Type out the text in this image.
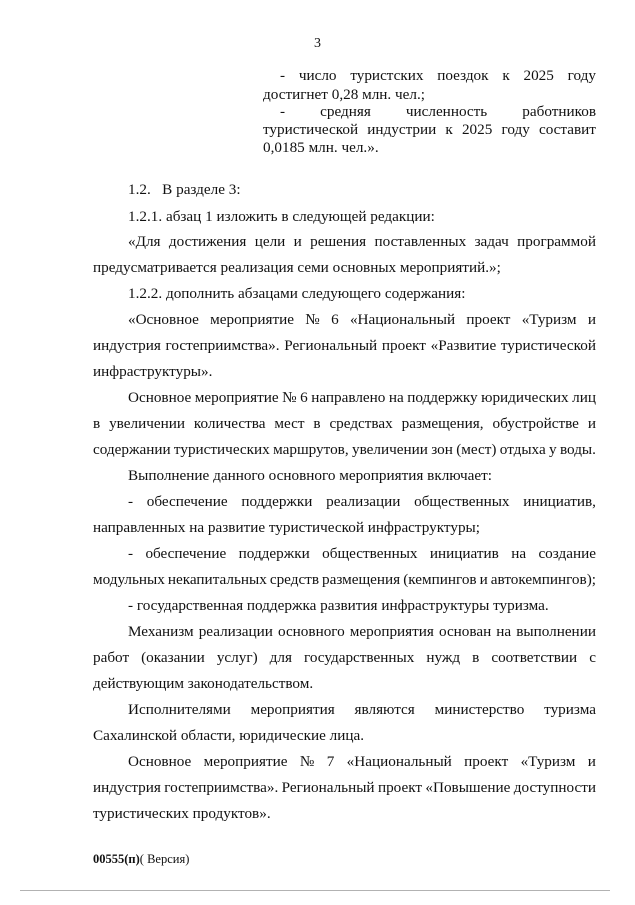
3
- число туристских поездок к 2025 году
достигнет 0,28 млн. чел.;
- средняя численность работников
туристической индустрии к 2025 году составит
0,0185 млн. чел.».
1.2.   В разделе 3:
1.2.1. абзац 1 изложить в следующей редакции:
«Для достижения цели и решения поставленных задач программой
предусматривается реализация семи основных мероприятий.»;
1.2.2. дополнить абзацами следующего содержания:
«Основное мероприятие № 6 «Национальный проект «Туризм и
индустрия гостеприимства». Региональный проект «Развитие туристической
инфраструктуры».
Основное мероприятие № 6 направлено на поддержку юридических лиц
в увеличении количества мест в средствах размещения, обустройстве и
содержании туристических маршрутов, увеличении зон (мест) отдыха у воды.
Выполнение данного основного мероприятия включает:
- обеспечение поддержки реализации общественных инициатив,
направленных на развитие туристической инфраструктуры;
- обеспечение поддержки общественных инициатив на создание
модульных некапитальных средств размещения (кемпингов и автокемпингов);
- государственная поддержка развития инфраструктуры туризма.
Механизм реализации основного мероприятия основан на выполнении
работ (оказании услуг) для государственных нужд в соответствии с
действующим законодательством.
Исполнителями мероприятия являются министерство туризма
Сахалинской области, юридические лица.
Основное мероприятие № 7 «Национальный проект «Туризм и
индустрия гостеприимства». Региональный проект «Повышение доступности
туристических продуктов».
00555(п)( Версия)
